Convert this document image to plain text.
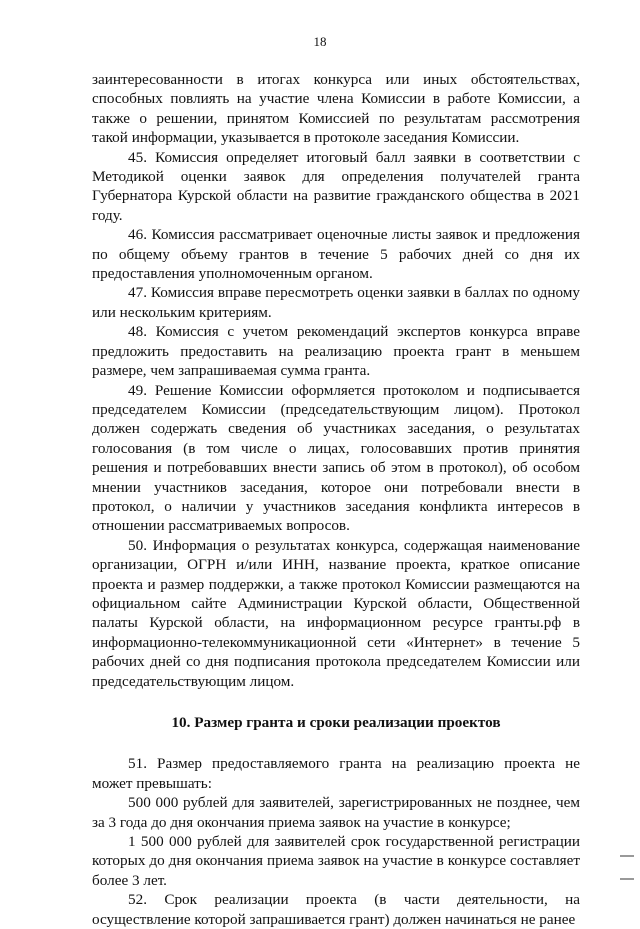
18

заинтересованности в итогах конкурса или иных обстоятельствах, способных повлиять на участие члена Комиссии в работе Комиссии, а также о решении, принятом Комиссией по результатам рассмотрения такой информации, указывается в протоколе заседания Комиссии.

45. Комиссия определяет итоговый балл заявки в соответствии с Методикой оценки заявок для определения получателей гранта Губернатора Курской области на развитие гражданского общества в 2021 году.

46. Комиссия рассматривает оценочные листы заявок и предложения по общему объему грантов в течение 5 рабочих дней со дня их предоставления уполномоченным органом.

47. Комиссия вправе пересмотреть оценки заявки в баллах по одному или нескольким критериям.

48. Комиссия с учетом рекомендаций экспертов конкурса вправе предложить предоставить на реализацию проекта грант в меньшем размере, чем запрашиваемая сумма гранта.

49. Решение Комиссии оформляется протоколом и подписывается председателем Комиссии (председательствующим лицом). Протокол должен содержать сведения об участниках заседания, о результатах голосования (в том числе о лицах, голосовавших против принятия решения и потребовавших внести запись об этом в протокол), об особом мнении участников заседания, которое они потребовали внести в протокол, о наличии у участников заседания конфликта интересов в отношении рассматриваемых вопросов.

50. Информация о результатах конкурса, содержащая наименование организации, ОГРН и/или ИНН, название проекта, краткое описание проекта и размер поддержки, а также протокол Комиссии размещаются на официальном сайте Администрации Курской области, Общественной палаты Курской области, на информационном ресурсе гранты.рф в информационно-телекоммуникационной сети «Интернет» в течение 5 рабочих дней со дня подписания протокола председателем Комиссии или председательствующим лицом.

10. Размер гранта и сроки реализации проектов

51. Размер предоставляемого гранта на реализацию проекта не может превышать:

500 000 рублей для заявителей, зарегистрированных не позднее, чем за 3 года до дня окончания приема заявок на участие в конкурсе;

1 500 000 рублей для заявителей срок государственной регистрации которых до дня окончания приема заявок на участие в конкурсе составляет более 3 лет.

52. Срок реализации проекта (в части деятельности, на осуществление которой запрашивается грант) должен начинаться не ранее
